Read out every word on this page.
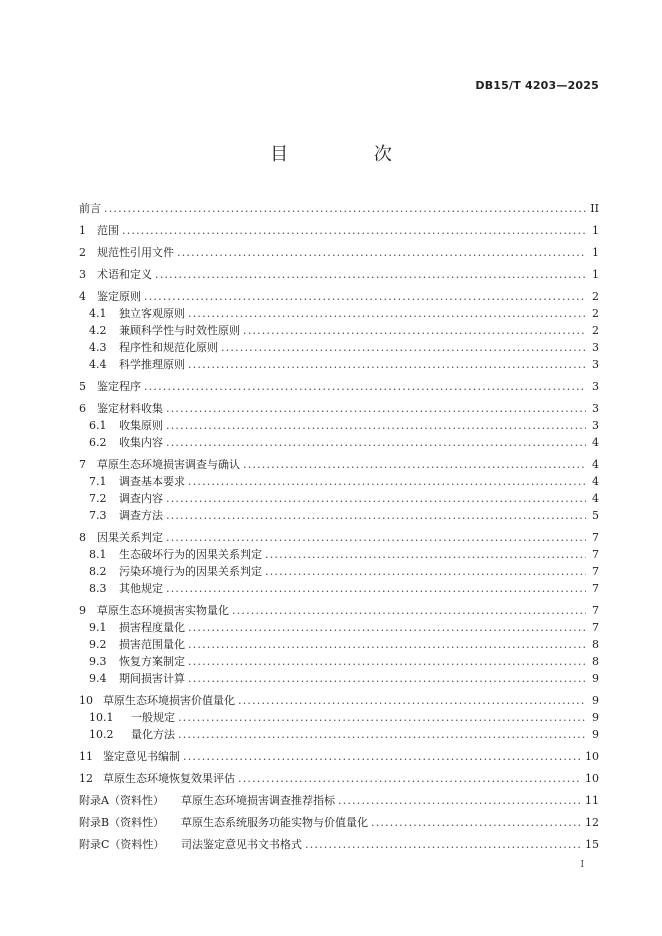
DB15/T 4203—2025
目 次
前言 .....	II
1	范围 .....	1
2	规范性引用文件 .....	1
3	术语和定义 .....	1
4	鉴定原则 .....	2
4.1	独立客观原则 .....	2
4.2	兼顾科学性与时效性原则 .....	2
4.3	程序性和规范化原则 .....	3
4.4	科学推理原则 .....	3
5	鉴定程序 .....	3
6	鉴定材料收集 .....	3
6.1	收集原则 .....	3
6.2	收集内容 .....	4
7	草原生态环境损害调查与确认 .....	4
7.1	调查基本要求 .....	4
7.2	调查内容 .....	4
7.3	调查方法 .....	5
8	因果关系判定 .....	7
8.1	生态破坏行为的因果关系判定 .....	7
8.2	污染环境行为的因果关系判定 .....	7
8.3	其他规定 .....	7
9	草原生态环境损害实物量化 .....	7
9.1	损害程度量化 .....	7
9.2	损害范围量化 .....	8
9.3	恢复方案制定 .....	8
9.4	期间损害计算 .....	9
10 草原生态环境损害价值量化 .....	9
10.1	一般规定 .....	9
10.2	量化方法 .....	9
11 鉴定意见书编制 .....	10
12 草原生态环境恢复效果评估 .....	10
附录A（资料性）	草原生态环境损害调查推荐指标 .....	11
附录B（资料性）	草原生态系统服务功能实物与价值量化 .....	12
附录C（资料性）	司法鉴定意见书文书格式 .....	15
I
